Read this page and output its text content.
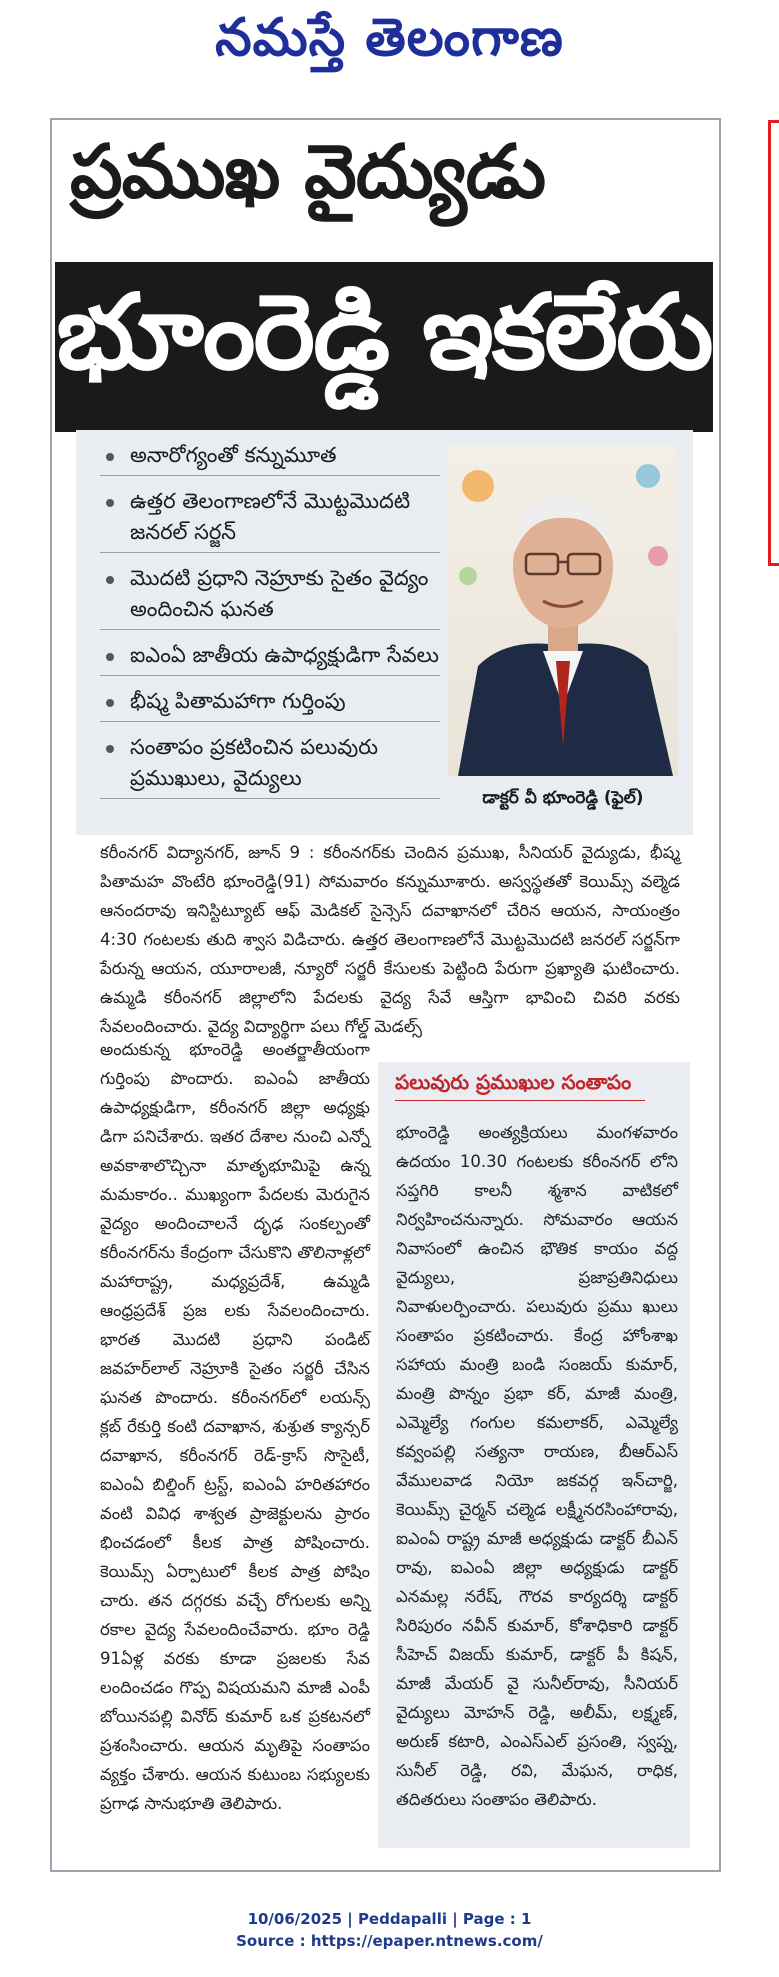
నమస్తే తెలంగాణ
ప్రముఖ వైద్యుడు
భూంరెడ్డి ఇకలేరు
అనారోగ్యంతో కన్నుమూత
ఉత్తర తెలంగాణలోనే మొట్టమొదటి జనరల్ సర్జన్
మొదటి ప్రధాని నెహ్రూకు సైతం వైద్యం అందించిన ఘనత
ఐఎంఏ జాతీయ ఉపాధ్యక్షుడిగా సేవలు
భీష్మ పితామహాగా గుర్తింపు
సంతాపం ప్రకటించిన పలువురు ప్రముఖులు, వైద్యులు
డాక్టర్ వీ భూంరెడ్డి (ఫైల్)
కరీంనగర్ విద్యానగర్, జూన్ 9 : కరీంనగర్‌కు చెందిన ప్రముఖ, సీనియర్ వైద్యుడు, భీష్మ పితామహ వొంటేరి భూంరెడ్డి(91) సోమవారం కన్నుమూశారు. అస్వస్థతతో కెయిమ్స్ వల్మెడ ఆనందరావు ఇనిస్టిట్యూట్ ఆఫ్ మెడికల్ సైన్సెస్ దవాఖానలో చేరిన ఆయన, సాయంత్రం 4:30 గంటలకు తుది శ్వాస విడిచారు. ఉత్తర తెలంగాణలోనే మొట్టమొదటి జనరల్ సర్జన్‌గా పేరున్న ఆయన, యూరాలజీ, న్యూరో సర్జరీ కేసులకు పెట్టింది పేరుగా ప్రఖ్యాతి ఘటించారు. ఉమ్మడి కరీంనగర్ జిల్లాలోని పేదలకు వైద్య సేవే ఆస్తిగా భావించి చివరి వరకు సేవలందించారు. వైద్య విద్యార్థిగా పలు గోల్డ్ మెడల్స్
అందుకున్న భూంరెడ్డి అంతర్జాతీయంగా గుర్తింపు పొందారు. ఐఎంఏ జాతీయ ఉపాధ్యక్షుడిగా, కరీంనగర్ జిల్లా అధ్యక్షు డిగా పనిచేశారు. ఇతర దేశాల నుంచి ఎన్నో అవకాశాలొచ్చినా మాతృభూమిపై ఉన్న మమకారం.. ముఖ్యంగా పేదలకు మెరుగైన వైద్యం అందించాలనే దృఢ సంకల్పంతో కరీంనగర్‌ను కేంద్రంగా చేసుకొని తొలినాళ్లలో మహారాష్ట్ర, మధ్యప్రదేశ్, ఉమ్మడి ఆంధ్రప్రదేశ్ ప్రజ లకు సేవలందించారు. భారత మొదటి ప్రధాని పండిట్ జవహర్‌లాల్ నెహ్రూకి సైతం సర్జరీ చేసిన ఘనత పొందారు. కరీంనగర్‌లో లయన్స్ క్లబ్ రేకుర్తి కంటి దవాఖాన, శుశ్రుత క్యాన్సర్ దవాఖాన, కరీంనగర్ రెడ్-క్రాస్ సొసైటీ, ఐఎంఏ బిల్డింగ్ ట్రస్ట్, ఐఎంఏ హరితహారం వంటి వివిధ శాశ్వత ప్రాజెక్టులను ప్రారం భించడంలో కీలక పాత్ర పోషించారు. కెయిమ్స్ ఏర్పాటులో కీలక పాత్ర పోషిం చారు. తన దగ్గరకు వచ్చే రోగులకు అన్ని రకాల వైద్య సేవలందించేవారు. భూం రెడ్డి 91ఏళ్ల వరకు కూడా ప్రజలకు సేవ లందించడం గొప్ప విషయమని మాజీ ఎంపీ బోయినపల్లి వినోద్ కుమార్ ఒక ప్రకటనలో ప్రశంసించారు. ఆయన మృతిపై సంతాపం వ్యక్తం చేశారు. ఆయన కుటుంబ సభ్యులకు ప్రగాఢ సానుభూతి తెలిపారు.
పలువురు ప్రముఖుల సంతాపం
భూంరెడ్డి అంత్యక్రియలు మంగళవారం ఉదయం 10.30 గంటలకు కరీంనగర్ లోని సప్తగిరి కాలనీ శ్మశాన వాటికలో నిర్వహించనున్నారు. సోమవారం ఆయన నివాసంలో ఉంచిన భౌతిక కాయం వద్ద వైద్యులు, ప్రజాప్రతినిధులు నివాళులర్పించారు. పలువురు ప్రము ఖులు సంతాపం ప్రకటించారు. కేంద్ర హోంశాఖ సహాయ మంత్రి బండి సంజయ్ కుమార్, మంత్రి పొన్నం ప్రభా కర్, మాజీ మంత్రి, ఎమ్మెల్యే గంగుల కమలాకర్, ఎమ్మెల్యే కవ్వంపల్లి సత్యనా రాయణ, బీఆర్‌ఎస్ వేములవాడ నియో జకవర్గ ఇన్‌చార్జి, కెయిమ్స్ చైర్మన్ చల్మెడ లక్ష్మీనరసింహారావు, ఐఎంఏ రాష్ట్ర మాజీ అధ్యక్షుడు డాక్టర్ బీఎన్ రావు, ఐఎంఏ జిల్లా అధ్యక్షుడు డాక్టర్ ఎనమల్ల నరేష్, గౌరవ కార్యదర్శి డాక్టర్ సిరిపురం నవీన్ కుమార్, కోశాధికారి డాక్టర్ సీహెచ్ విజయ్ కుమార్, డాక్టర్ పీ కిషన్, మాజీ మేయర్ వై సునీల్‌రావు, సీనియర్ వైద్యులు మోహన్ రెడ్డి, అలీమ్, లక్ష్మణ్, అరుణ్ కటారి, ఎంఎస్‌ఎల్ ప్రసంతి, స్వప్న, సునీల్ రెడ్డి, రవి, మేఘన, రాధిక, తదితరులు సంతాపం తెలిపారు.
10/06/2025 | Peddapalli | Page : 1
Source : https://epaper.ntnews.com/
